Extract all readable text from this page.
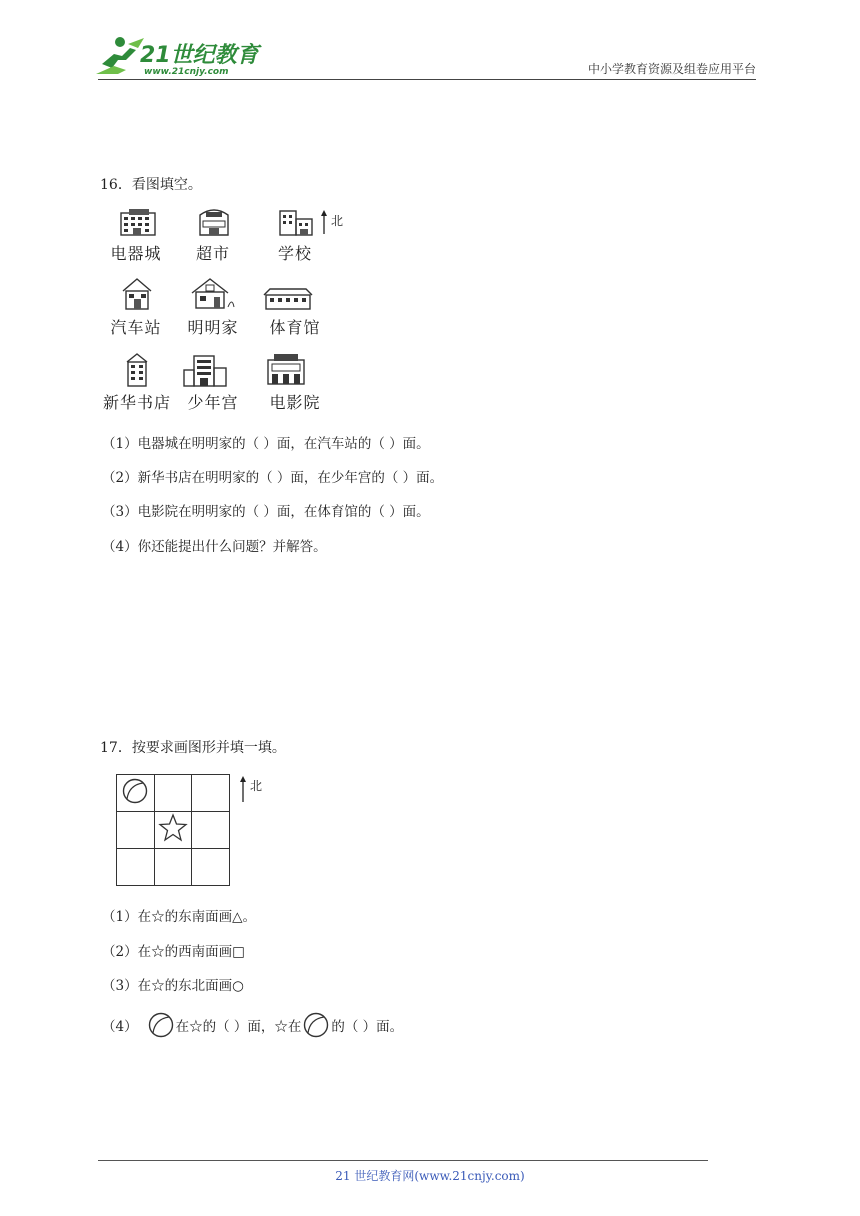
21世纪教育
www.21cnjy.com	中小学教育资源及组卷应用平台
16．看图填空。
电器城	超市	学校
北
汽车站	明明家	体育馆
新华书店	少年宫	电影院
（1）电器城在明明家的（ ）面，在汽车站的（ ）面。
（2）新华书店在明明家的（ ）面，在少年宫的（ ）面。
（3）电影院在明明家的（ ）面，在体育馆的（ ）面。
（4）你还能提出什么问题？并解答。
17．按要求画图形并填一填。

北
（1）在☆的东南面画△。
（2）在☆的西南面画□
（3）在☆的东北面画○
（4）	在☆的（ ）面，☆在 的（ ）面。
21 世纪教育网(www.21cnjy.com)
